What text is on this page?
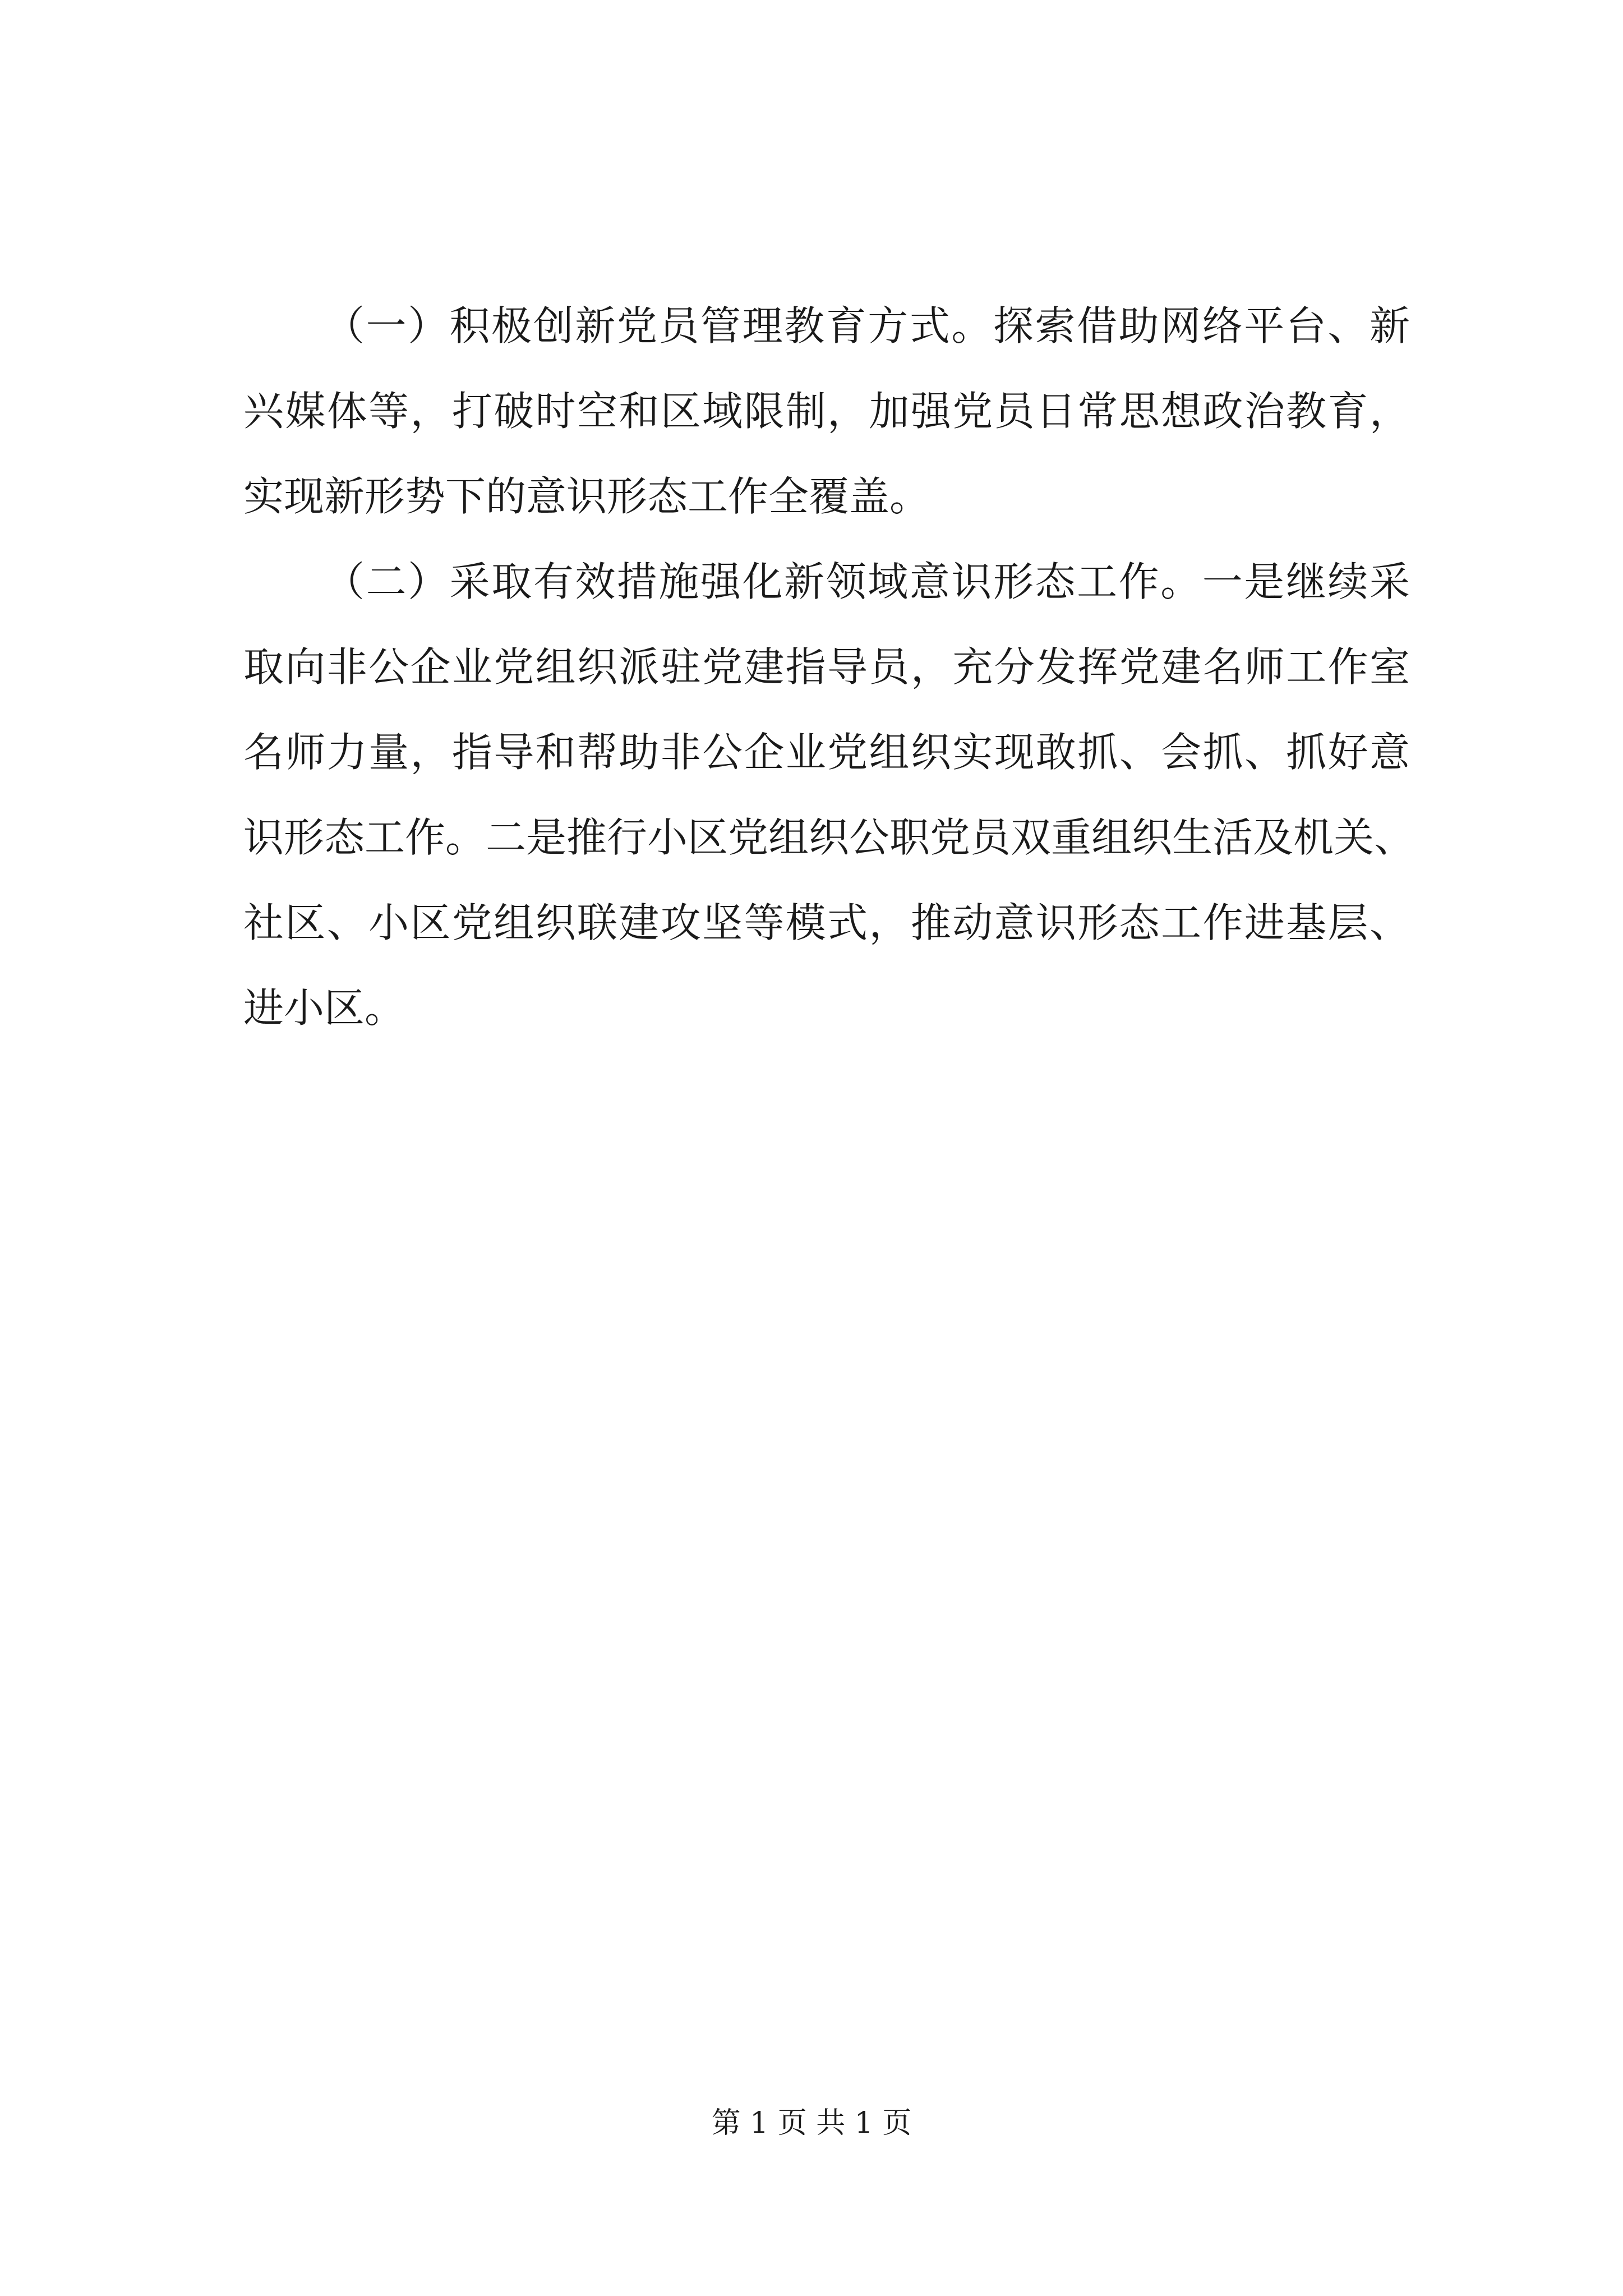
（一）积极创新党员管理教育方式。探索借助网络平台、新
兴媒体等，打破时空和区域限制，加强党员日常思想政治教育，
实现新形势下的意识形态工作全覆盖。
（二）采取有效措施强化新领域意识形态工作。一是继续采
取向非公企业党组织派驻党建指导员，充分发挥党建名师工作室
名师力量，指导和帮助非公企业党组织实现敢抓、会抓、抓好意
识形态工作。二是推行小区党组织公职党员双重组织生活及机关、
社区、小区党组织联建攻坚等模式，推动意识形态工作进基层、
进小区。
第 1 页 共 1 页
